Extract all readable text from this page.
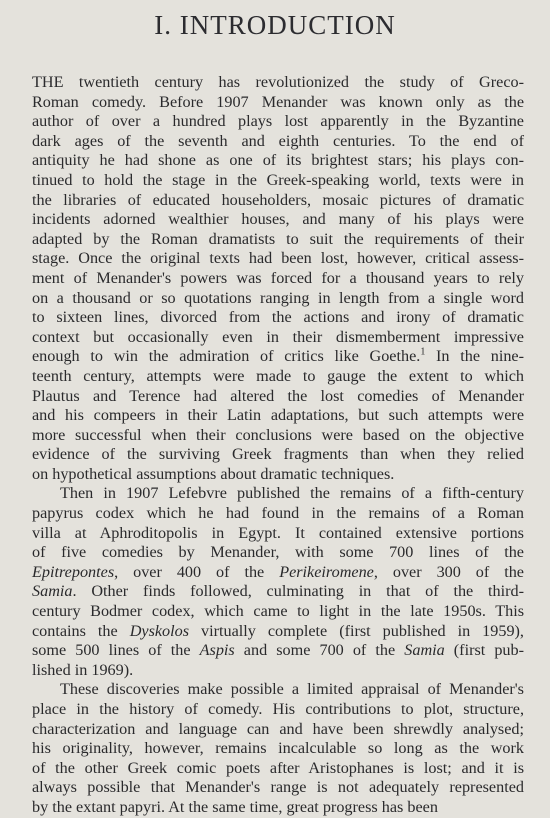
I. INTRODUCTION
THE twentieth century has revolutionized the study of Greco-
Roman comedy. Before 1907 Menander was known only as the
author of over a hundred plays lost apparently in the Byzantine
dark ages of the seventh and eighth centuries. To the end of
antiquity he had shone as one of its brightest stars; his plays con-
tinued to hold the stage in the Greek-speaking world, texts were in
the libraries of educated householders, mosaic pictures of dramatic
incidents adorned wealthier houses, and many of his plays were
adapted by the Roman dramatists to suit the requirements of their
stage. Once the original texts had been lost, however, critical assess-
ment of Menander's powers was forced for a thousand years to rely
on a thousand or so quotations ranging in length from a single word
to sixteen lines, divorced from the actions and irony of dramatic
context but occasionally even in their dismemberment impressive
enough to win the admiration of critics like Goethe.$^1$ In the nine-
teenth century, attempts were made to gauge the extent to which
Plautus and Terence had altered the lost comedies of Menander
and his compeers in their Latin adaptations, but such attempts were
more successful when their conclusions were based on the objective
evidence of the surviving Greek fragments than when they relied
on hypothetical assumptions about dramatic techniques.
Then in 1907 Lefebvre published the remains of a fifth-century
papyrus codex which he had found in the remains of a Roman
villa at Aphroditopolis in Egypt. It contained extensive portions
of five comedies by Menander, with some 700 lines of the
Epitrepontes, over 400 of the Perikeiromene, over 300 of the
Samia. Other finds followed, culminating in that of the third-
century Bodmer codex, which came to light in the late 1950s. This
contains the Dyskolos virtually complete (first published in 1959),
some 500 lines of the Aspis and some 700 of the Samia (first pub-
lished in 1969).
These discoveries make possible a limited appraisal of Menander's
place in the history of comedy. His contributions to plot, structure,
characterization and language can and have been shrewdly analysed;
his originality, however, remains incalculable so long as the work
of the other Greek comic poets after Aristophanes is lost; and it is
always possible that Menander's range is not adequately represented
by the extant papyri. At the same time, great progress has been
